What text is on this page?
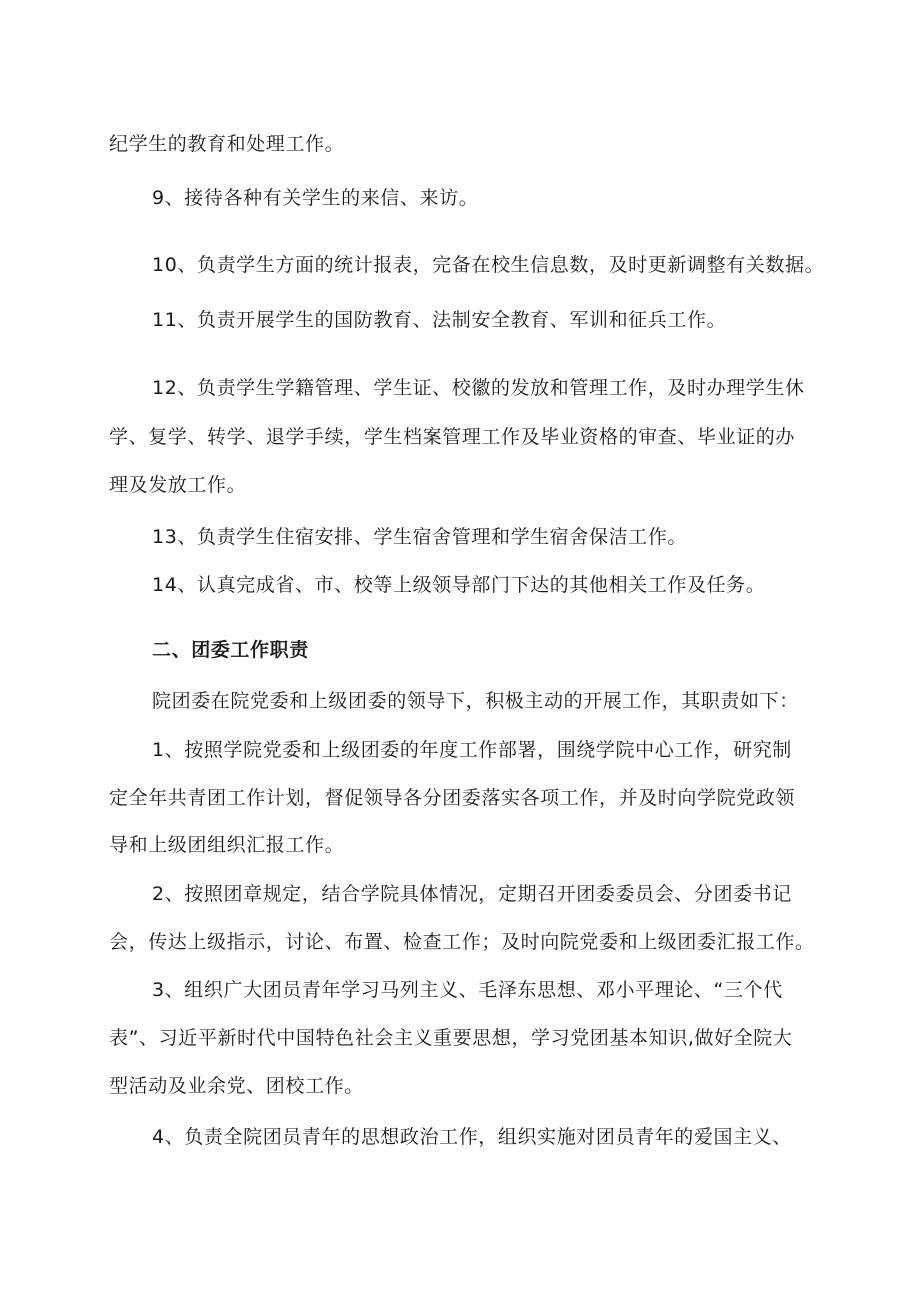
纪学生的教育和处理工作。
9、接待各种有关学生的来信、来访。
10、负责学生方面的统计报表，完备在校生信息数，及时更新调整有关数据。
11、负责开展学生的国防教育、法制安全教育、军训和征兵工作。
12、负责学生学籍管理、学生证、校徽的发放和管理工作，及时办理学生休
学、复学、转学、退学手续，学生档案管理工作及毕业资格的审查、毕业证的办
理及发放工作。
13、负责学生住宿安排、学生宿舍管理和学生宿舍保洁工作。
14、认真完成省、市、校等上级领导部门下达的其他相关工作及任务。
二、团委工作职责
院团委在院党委和上级团委的领导下，积极主动的开展工作，其职责如下：
1、按照学院党委和上级团委的年度工作部署，围绕学院中心工作，研究制
定全年共青团工作计划，督促领导各分团委落实各项工作，并及时向学院党政领
导和上级团组织汇报工作。
2、按照团章规定，结合学院具体情况，定期召开团委委员会、分团委书记
会，传达上级指示，讨论、布置、检查工作；及时向院党委和上级团委汇报工作。
3、组织广大团员青年学习马列主义、毛泽东思想、邓小平理论、“三个代
表”、习近平新时代中国特色社会主义重要思想，学习党团基本知识,做好全院大
型活动及业余党、团校工作。
4、负责全院团员青年的思想政治工作，组织实施对团员青年的爱国主义、
